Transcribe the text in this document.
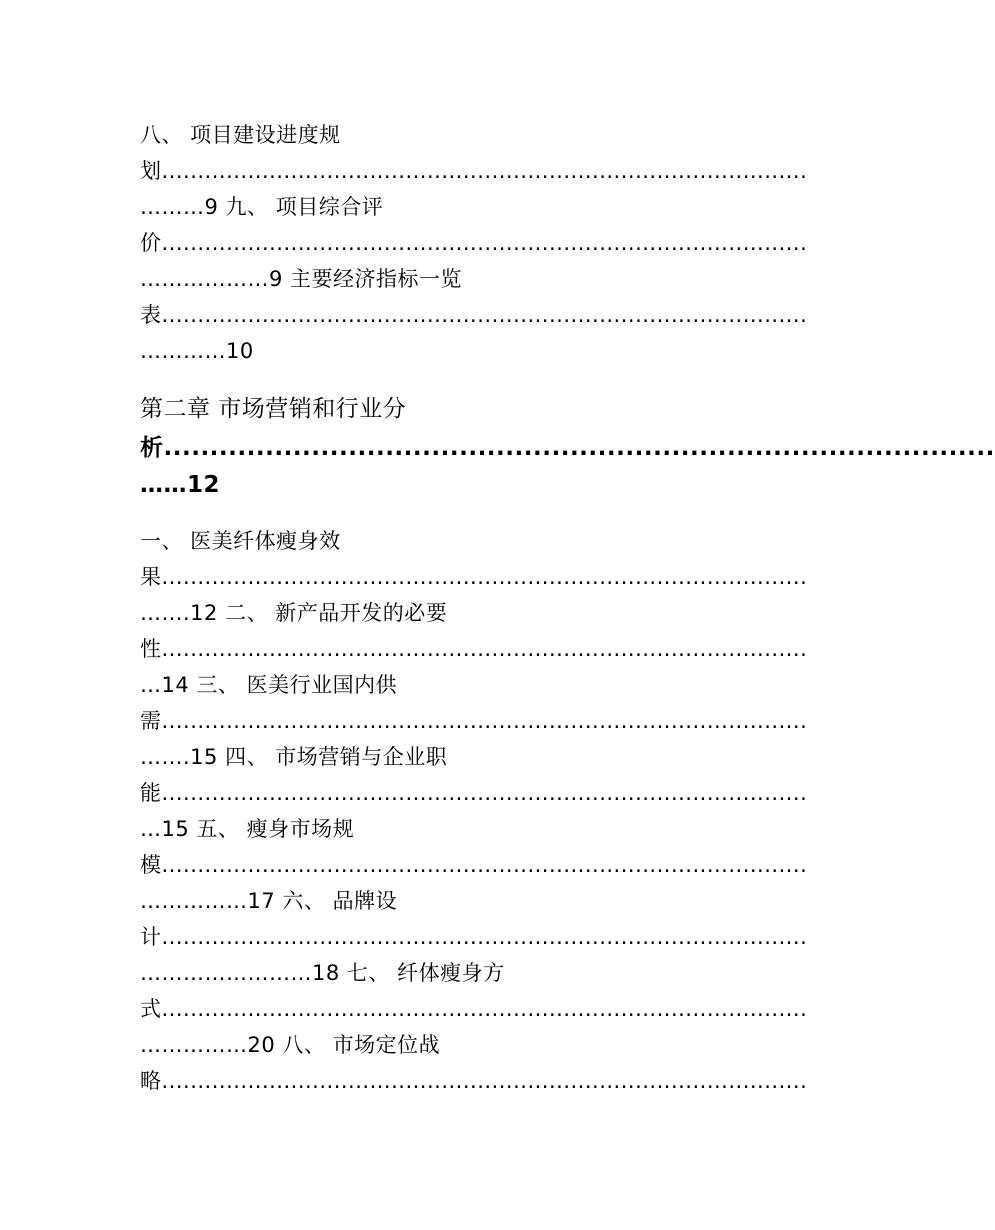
八、 项目建设进度规
划..........................................................................................
………9 九、 项目综合评
价..........................................................................................
………………9 主要经济指标一览
表..........................................................................................
…………10
第二章 市场营销和行业分
析..........................................................................................
……12
一、 医美纤体瘦身效
果..........................................................................................
…….12 二、 新产品开发的必要
性..........................................................................................
…14 三、 医美行业国内供
需..........................................................................................
…….15 四、 市场营销与企业职
能..........................................................................................
…15 五、 瘦身市场规
模..........................................................................................
……………17 六、 品牌设
计..........................................................................................
……………………18 七、 纤体瘦身方
式..........................................................................................
……………20 八、 市场定位战
略..........................................................................................
